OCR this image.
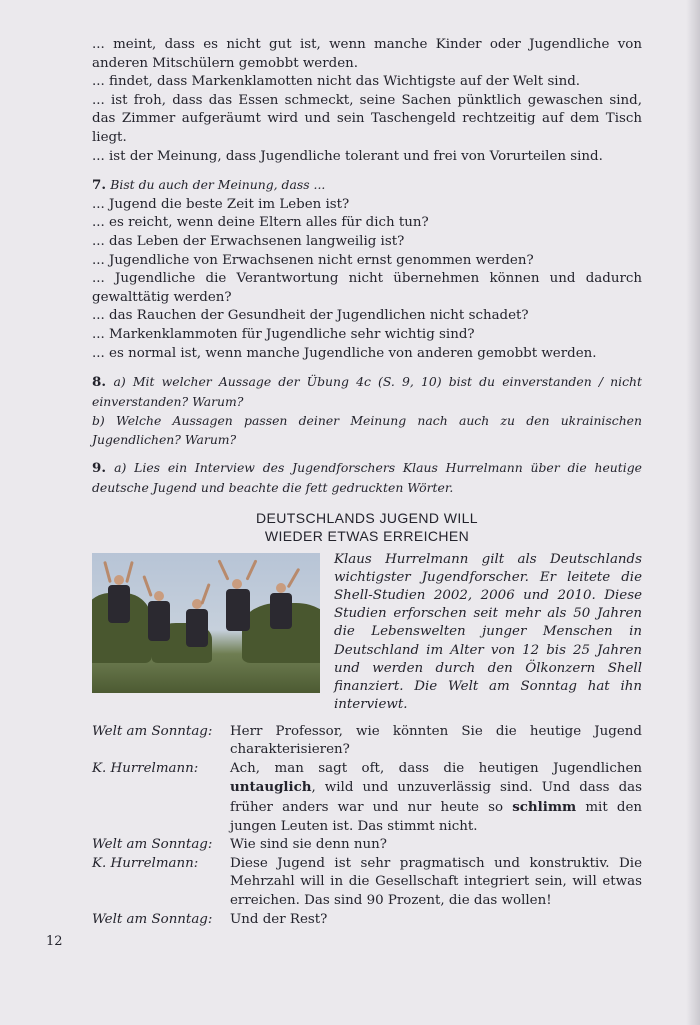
... meint, dass es nicht gut ist, wenn manche Kinder oder Jugendliche von anderen Mitschülern gemobbt werden.

... findet, dass Markenklamotten nicht das Wichtigste auf der Welt sind.

... ist froh, dass das Essen schmeckt, seine Sachen pünktlich gewaschen sind, das Zimmer aufgeräumt wird und sein Taschengeld rechtzeitig auf dem Tisch liegt.

... ist der Meinung, dass Jugendliche tolerant und frei von Vorurteilen sind.

7. Bist du auch der Meinung, dass ...

... Jugend die beste Zeit im Leben ist?

... es reicht, wenn deine Eltern alles für dich tun?

... das Leben der Erwachsenen langweilig ist?

... Jugendliche von Erwachsenen nicht ernst genommen werden?

... Jugendliche die Verantwortung nicht übernehmen können und dadurch gewalttätig werden?

... das Rauchen der Gesundheit der Jugendlichen nicht schadet?

... Markenklammoten für Jugendliche sehr wichtig sind?

... es normal ist, wenn manche Jugendliche von anderen gemobbt werden.

8. a) Mit welcher Aussage der Übung 4c (S. 9, 10) bist du einverstanden / nicht einverstanden? Warum?

b) Welche Aussagen passen deiner Meinung nach auch zu den ukrainischen Jugendlichen? Warum?

9. a) Lies ein Interview des Jugendforschers Klaus Hurrelmann über die heutige deutsche Jugend und beachte die fett gedruckten Wörter.

DEUTSCHLANDS JUGEND WILL
WIEDER ETWAS ERREICHEN

Klaus Hurrelmann gilt als Deutschlands wichtigster Jugendforscher. Er leitete die Shell-Studien 2002, 2006 und 2010. Diese Studien erforschen seit mehr als 50 Jahren die Lebenswelten junger Menschen in Deutschland im Alter von 12 bis 25 Jahren und werden durch den Ölkonzern Shell finanziert. Die Welt am Sonntag hat ihn interviewt.

Welt am Sonntag:	Herr Professor, wie könnten Sie die heutige Jugend charakterisieren?
K. Hurrelmann:	Ach, man sagt oft, dass die heutigen Jugendlichen untauglich, wild und unzuverlässig sind. Und dass das früher anders war und nur heute so schlimm mit den jungen Leuten ist. Das stimmt nicht.
Welt am Sonntag:	Wie sind sie denn nun?
K. Hurrelmann:	Diese Jugend ist sehr pragmatisch und konstruktiv. Die Mehrzahl will in die Gesellschaft integriert sein, will etwas erreichen. Das sind 90 Prozent, die das wollen!
Welt am Sonntag:	Und der Rest?
12
